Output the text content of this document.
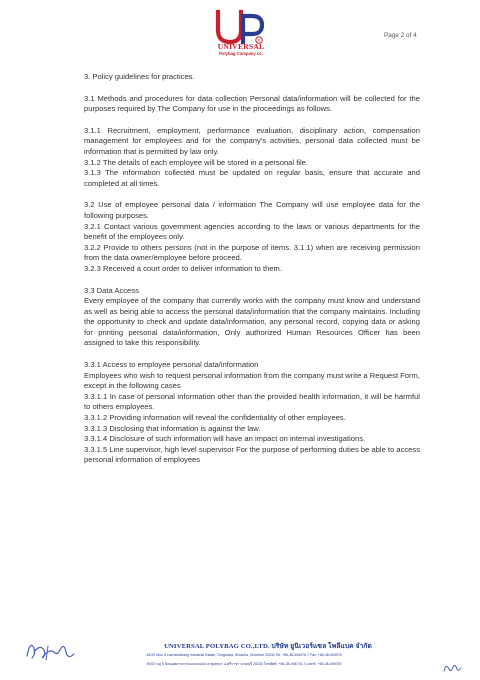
R
UNIVERSAL
Polybag Company co.
Page 2 of 4

3. Policy guidelines for practices.

3.1 Methods and procedures for data collection Personal data/information will be collected for the purposes required by The Company for use in the proceedings as follows.

3.1.1 Recruitment, employment, performance evaluation, disciplinary action, compensation management for employees and for the company's activities, personal data collected must be information that is permitted by law only.

3.1.2 The details of each employee will be stored in a personal file.

3.1.3 The information collected must be updated on regular basis, ensure that accurate and completed at all times.

3.2 Use of employee personal data / information The Company will use employee data for the following purposes.

3.2.1 Contact various government agencies according to the laws or various departments for the benefit of the employees only.

3.2.2 Provide to others persons (not in the purpose of items. 3.1.1) when are receiving permission from the data owner/employee before proceed.

3.2.3 Received a court order to deliver information to them.

3.3 Data Access

Every employee of the company that currently works with the company must know and understand as well as being able to access the personal data/information that the company maintains. Including the opportunity to check and update data/information, any personal record, copying data or asking for printing personal data/information, Only authorized Human Resources Officer has been assigned to take this responsibility.

3.3.1 Access to employee personal data/information

Employees who wish to request personal information from the company must write a Request Form, except in the following cases

3.3.1.1 In case of personal information other than the provided health information, it will be harmful to others employees.

3.3.1.2 Providing information will reveal the confidentiality of other employees.

3.3.1.3 Disclosing that information is against the law.

3.3.1.4 Disclosure of such information will have an impact on internal investigations.

3.3.1.5 Line supervisor, high level supervisor For the purpose of performing duties be able to access personal information of employees

UNIVERSAL POLYBAG CO.,LTD. บริษัท ยูนิเวอร์แซล โพลีแบค จำกัด
49/22 Moo 5 Laemchabang Industrial Estate, Tungsukla, Sriracha, Chonburi 20230 Tel. +66-38-494076-7 Fax. +66-38-494078
49/22 หมู่ 5 นิคมอุตสาหกรรมแหลมฉบัง ต.ทุ่งสุขลา อ.ศรีราชา จ.ชลบุรี 20230 โทรศัพท์. +66-38-494076-7 แฟกซ์. +66-38-494078
